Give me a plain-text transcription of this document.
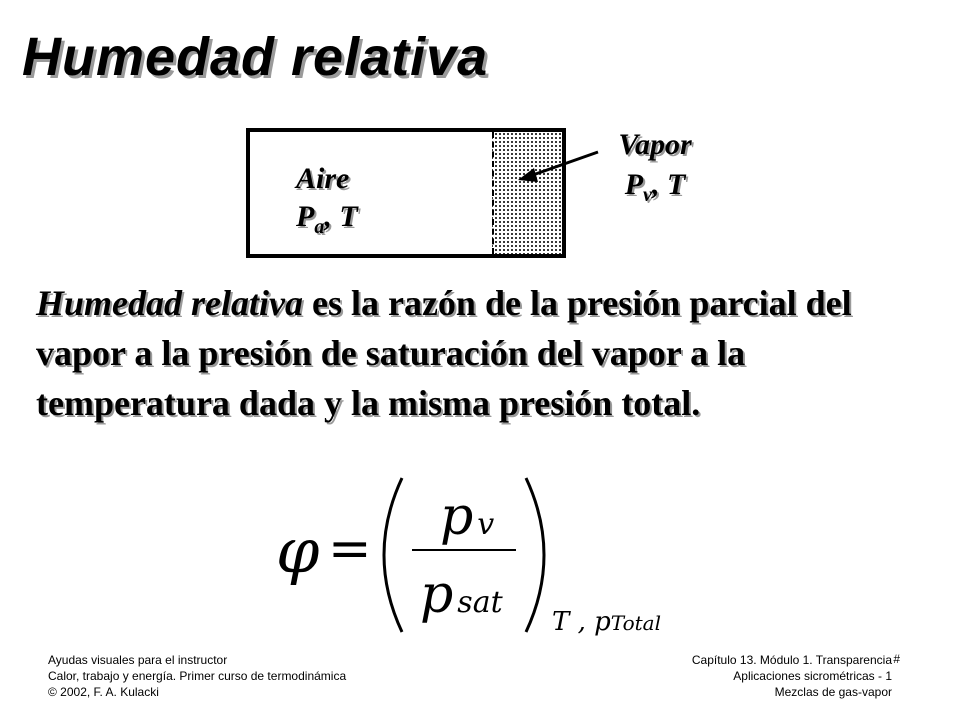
Humedad relativa
Aire
$P_a$, T
Vapor
$P_v$, T
Humedad relativa es la razón de la presión parcial del vapor a la presión de saturación del vapor a la temperatura dada y la misma presión total.
φ =
pv
psat
T , pTotal
Ayudas visuales para el instructor
Calor, trabajo y energía. Primer curso de termodinámica
© 2002, F. A. Kulacki
Capítulo 13. Módulo 1. Transparencia
Aplicaciones sicrométricas - 1
Mezclas de gas-vapor
#
